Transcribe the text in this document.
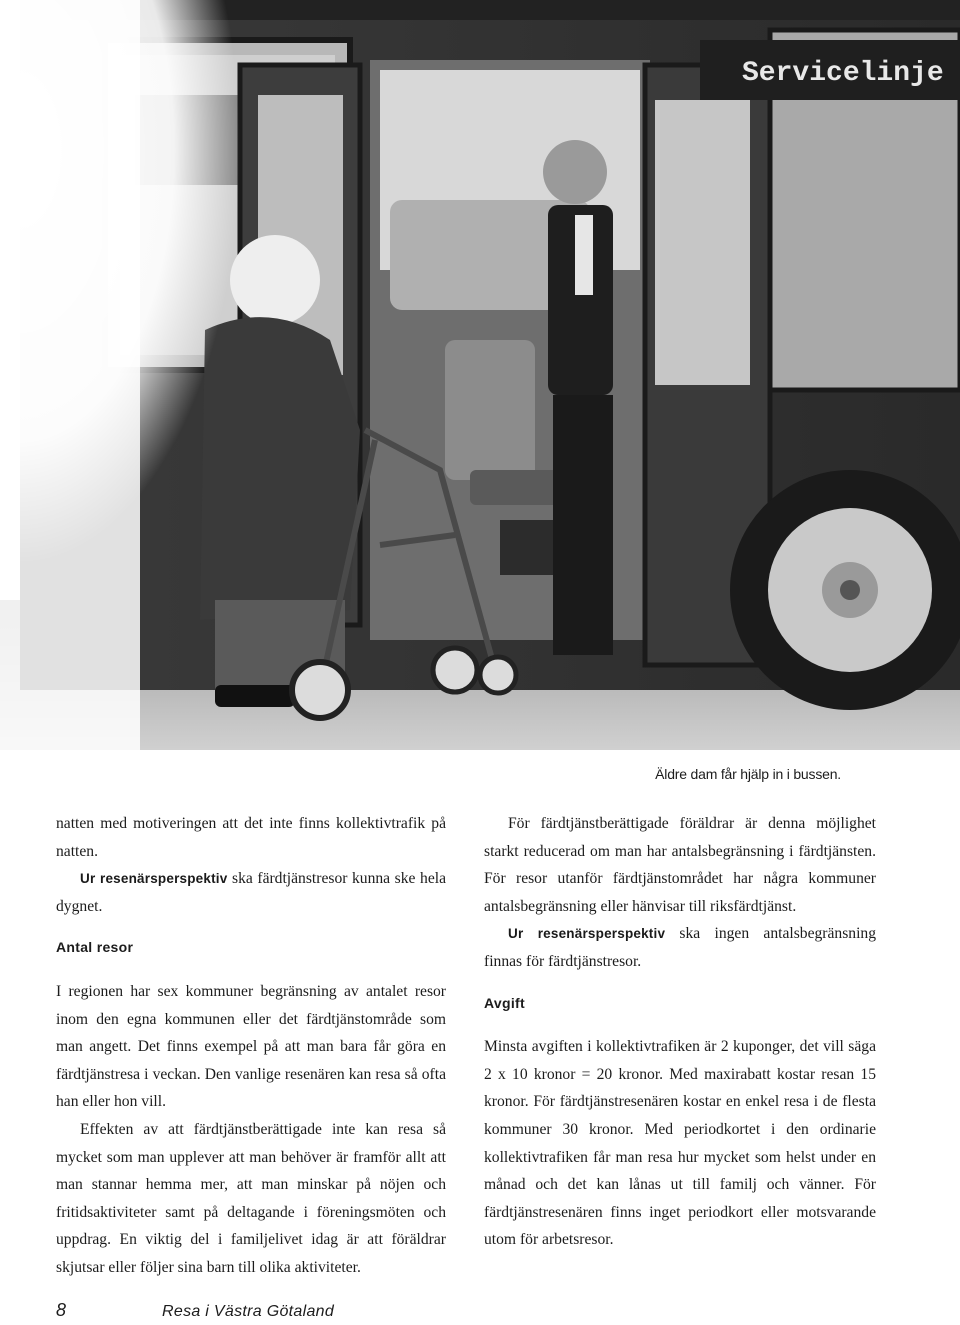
Servicelinje
Äldre dam får hjälp in i bussen.

natten med motiveringen att det inte finns kollektivtrafik på natten.

Ur resenärsperspektiv ska färdtjänstresor kunna ske hela dygnet.

Antal resor

I regionen har sex kommuner begränsning av antalet resor inom den egna kommunen eller det färdtjänstområde som man angett. Det finns exempel på att man bara får göra en färdtjänstresa i veckan. Den vanlige resenären kan resa så ofta han eller hon vill.

Effekten av att färdtjänstberättigade inte kan resa så mycket som man upplever att man behöver är framför allt att man stannar hemma mer, att man minskar på nöjen och fritidsaktiviteter samt på deltagande i föreningsmöten och uppdrag. En viktig del i familjelivet idag är att föräldrar skjutsar eller följer sina barn till olika aktiviteter.

För färdtjänstberättigade föräldrar är denna möjlighet starkt reducerad om man har antalsbegränsning i färdtjänsten. För resor utanför färdtjänstområdet har några kommuner antalsbegränsning eller hänvisar till riksfärdtjänst.

Ur resenärsperspektiv ska ingen antalsbegränsning finnas för färdtjänstresor.

Avgift

Minsta avgiften i kollektivtrafiken är 2 kuponger, det vill säga 2 x 10 kronor = 20 kronor. Med maxirabatt kostar resan 15 kronor. För färdtjänstresenären kostar en enkel resa i de flesta kommuner 30 kronor. Med periodkortet i den ordinarie kollektivtrafiken får man resa hur mycket som helst under en månad och det kan lånas ut till familj och vänner. För färdtjänstresenären finns inget periodkort eller motsvarande utom för arbetsresor.

8	Resa i Västra Götaland
